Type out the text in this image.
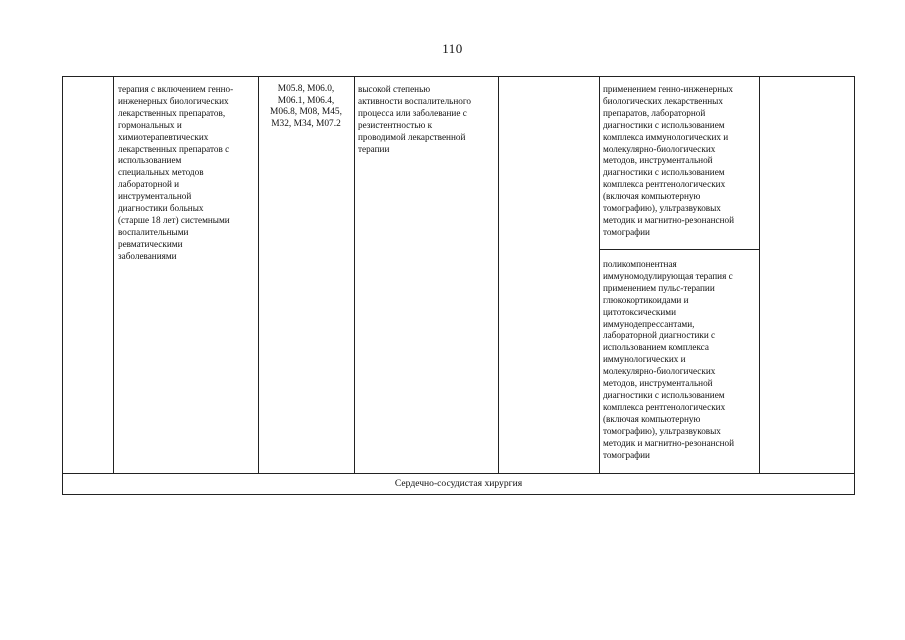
110
терапия с включением генно-
инженерных биологических
лекарственных препаратов,
гормональных и
химиотерапевтических
лекарственных препаратов с
использованием
специальных методов
лабораторной и
инструментальной
диагностики больных
(старше 18 лет) системными
воспалительными
ревматическими
заболеваниями
M05.8, M06.0,
M06.1, M06.4,
M06.8, M08, M45,
M32, M34, M07.2
высокой степенью
активности воспалительного
процесса или заболевание с
резистентностью к
проводимой лекарственной
терапии
применением генно-инженерных
биологических лекарственных
препаратов, лабораторной
диагностики с использованием
комплекса иммунологических и
молекулярно-биологических
методов, инструментальной
диагностики с использованием
комплекса рентгенологических
(включая компьютерную
томографию), ультразвуковых
методик и магнитно-резонансной
томографии
поликомпонентная
иммуномодулирующая терапия с
применением пульс-терапии
глюкокортикоидами и
цитотоксическими
иммунодепрессантами,
лабораторной диагностики с
использованием комплекса
иммунологических и
молекулярно-биологических
методов, инструментальной
диагностики с использованием
комплекса рентгенологических
(включая компьютерную
томографию), ультразвуковых
методик и магнитно-резонансной
томографии
Сердечно-сосудистая хирургия
